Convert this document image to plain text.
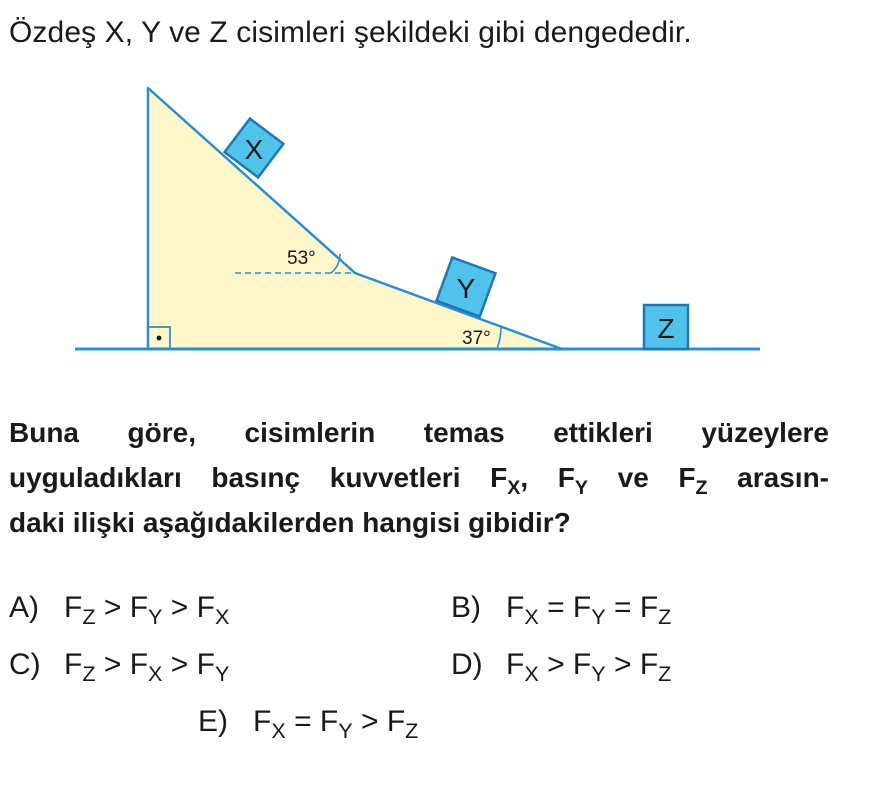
Özdeş X, Y ve Z cisimleri şekildeki gibi dengededir.
53°
37°
X
Y
Z
Buna göre, cisimlerin temas ettikleri yüzeylere
uyguladıkları basınç kuvvetleri $F_X$, $F_Y$ ve $F_Z$ arasın-
daki ilişki aşağıdakilerden hangisi gibidir?
A) $F_Z > F_Y > F_X$	B) $F_X = F_Y = F_Z$
C) $F_Z > F_X > F_Y$	D) $F_X > F_Y > F_Z$
E) $F_X = F_Y > F_Z$
